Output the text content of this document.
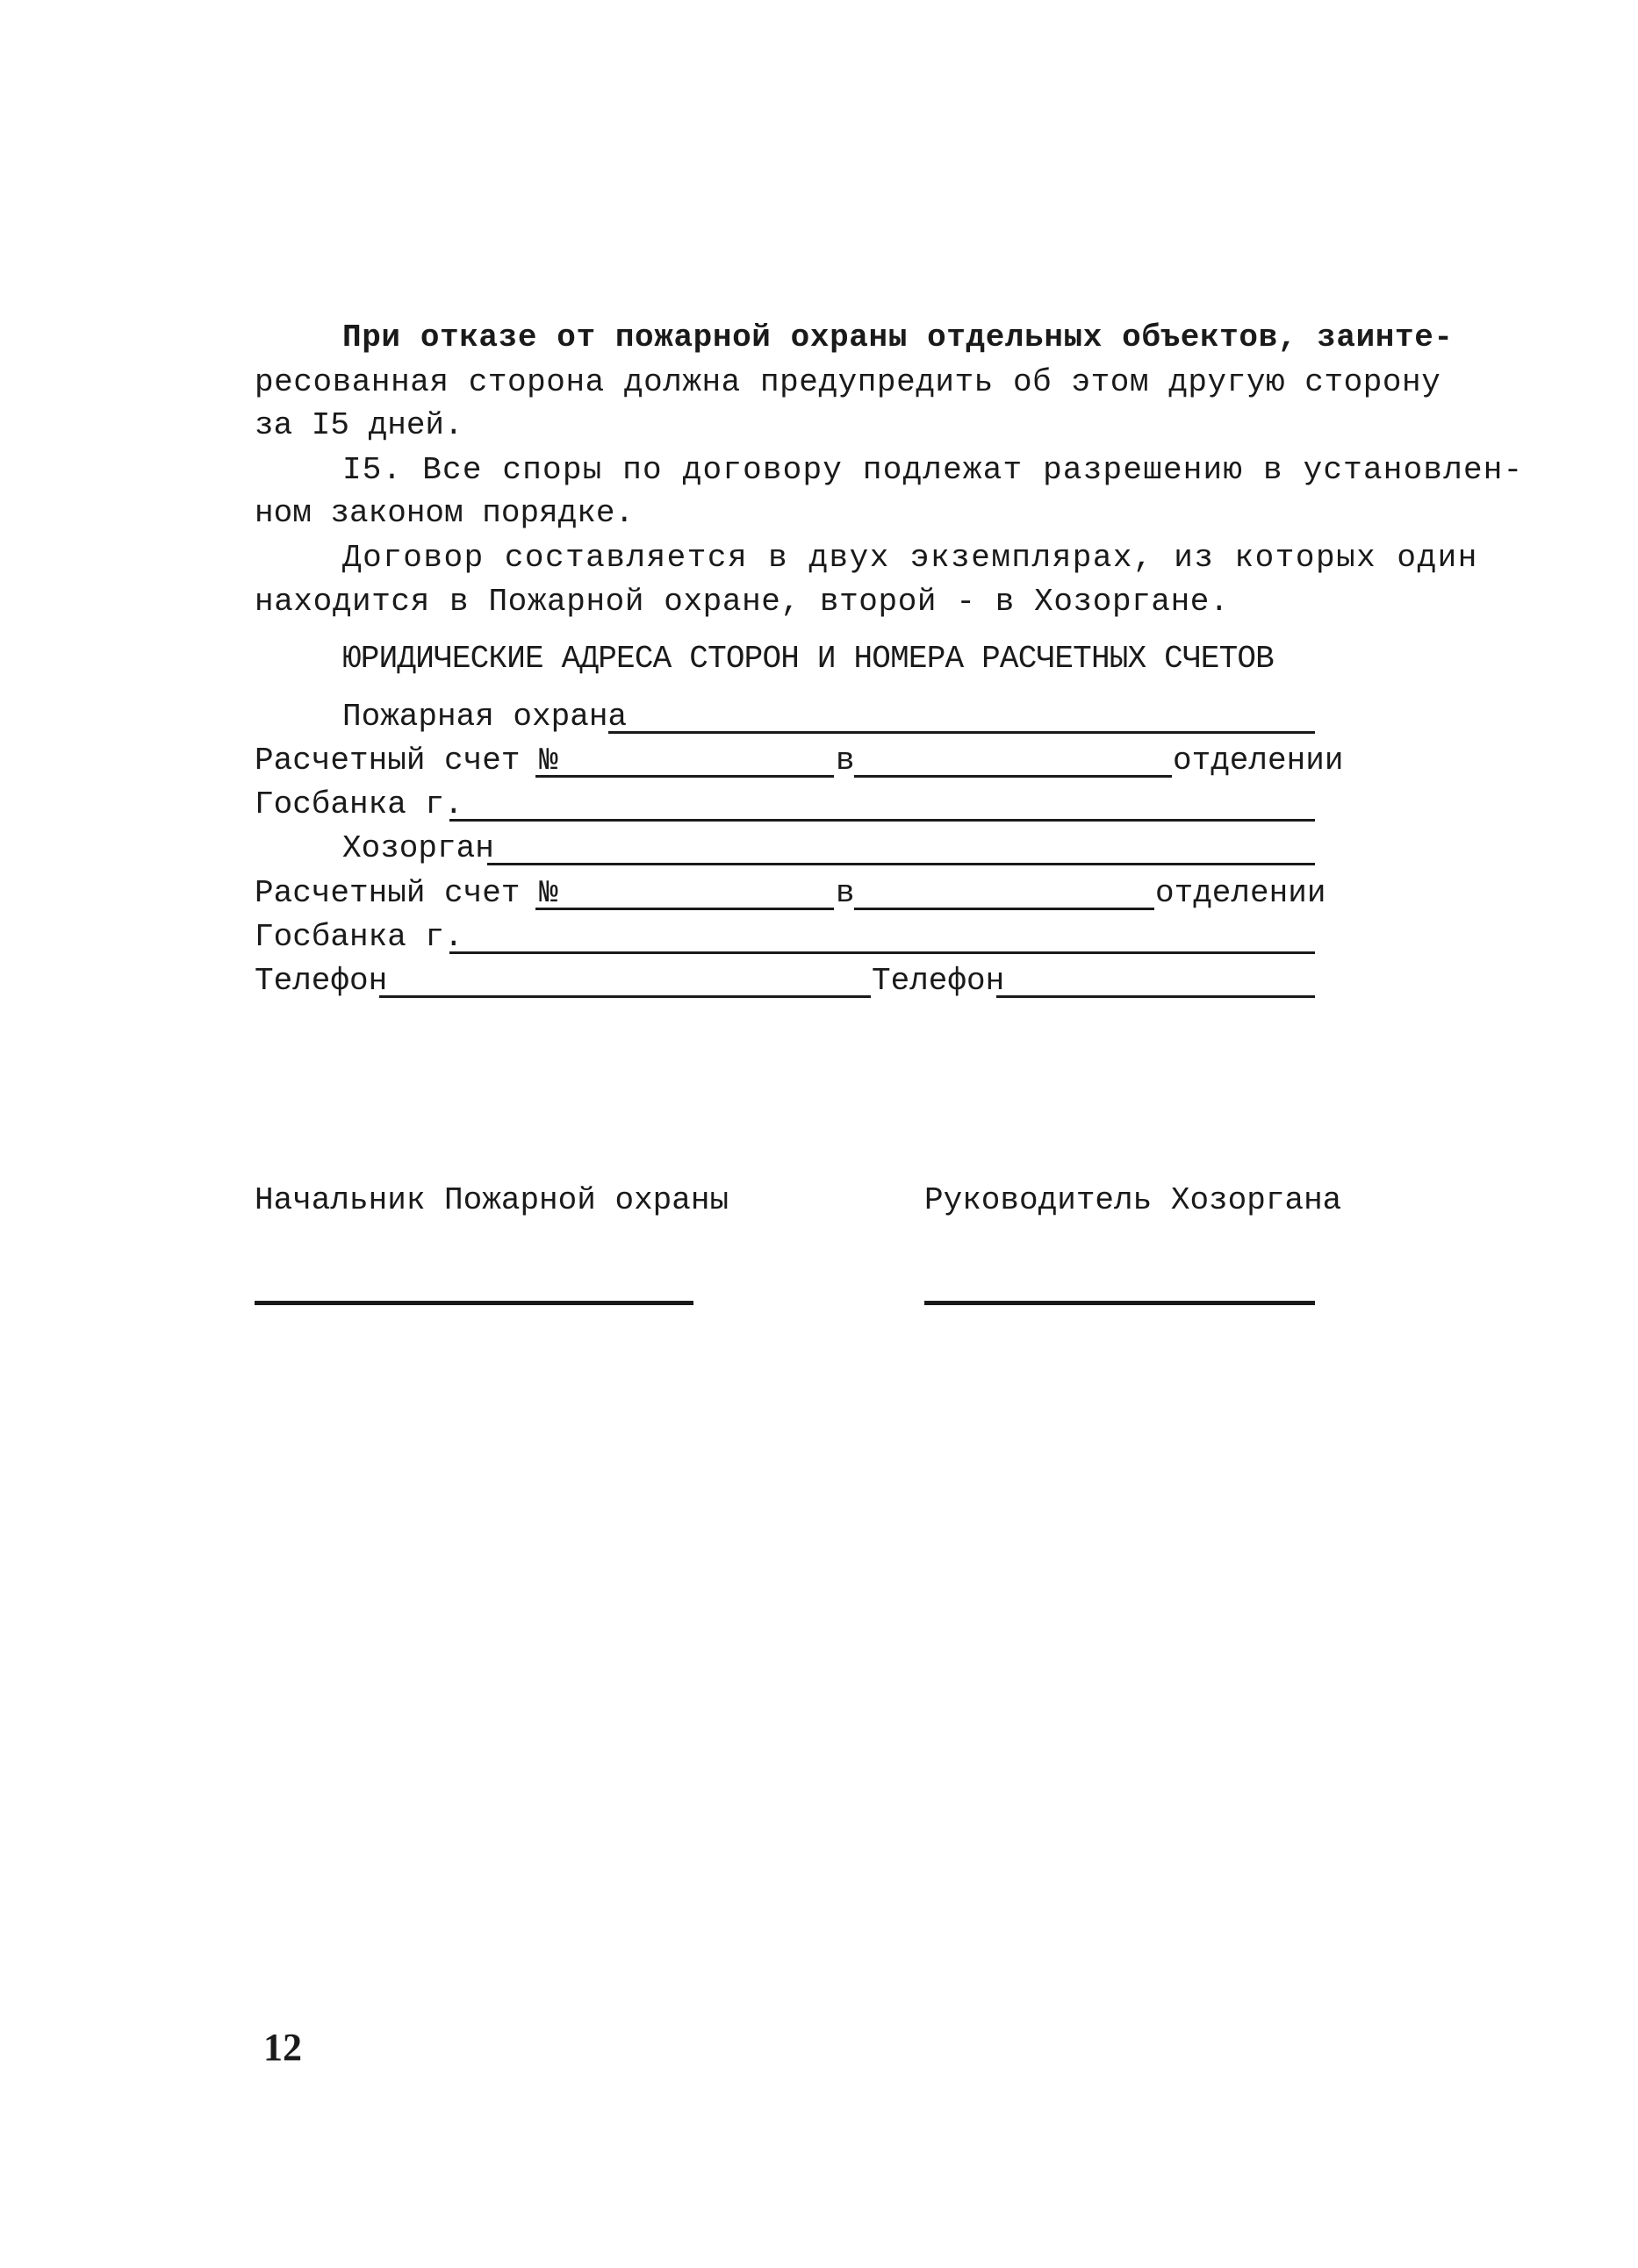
При отказе от пожарной охраны отдельных объектов, заинте-
ресованная сторона должна предупредить об этом другую сторону
за I5 дней.
I5. Все споры по договору подлежат разрешению в установлен-
ном законом порядке.
Договор составляется в двух экземплярах, из которых один
находится в Пожарной охране, второй - в Хозоргане.
ЮРИДИЧЕСКИЕ АДРЕСА СТОРОН И НОМЕРА РАСЧЕТНЫХ СЧЕТОВ
Пожарная охрана
Расчетный счет №	в	отделении
Госбанка г.
Хозорган
Расчетный счет №	в	отделении
Госбанка г.
Телефон	Телефон
Начальник Пожарной охраны	Руководитель Хозоргана
12
